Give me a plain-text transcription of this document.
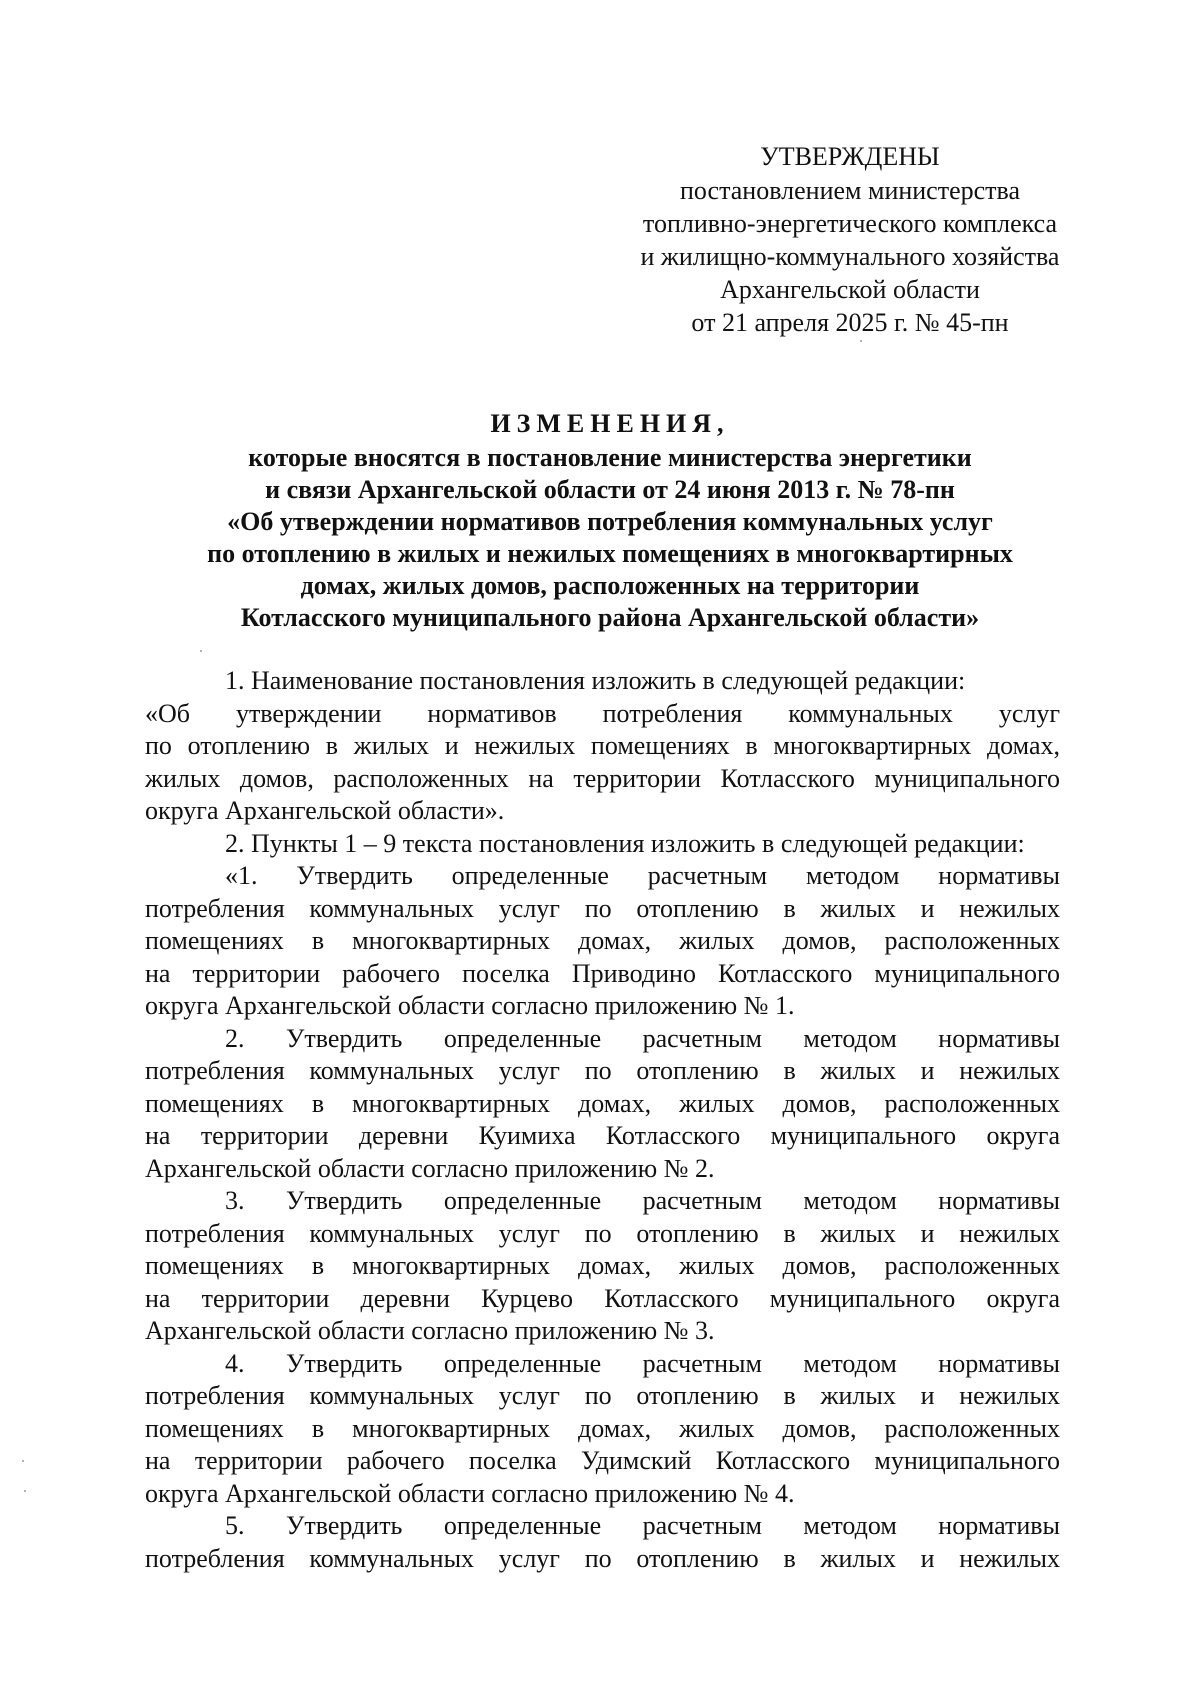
УТВЕРЖДЕНЫ
постановлением министерства
топливно-энергетического комплекса
и жилищно-коммунального хозяйства
Архангельской области
от 21 апреля 2025 г. № 45-пн
ИЗМЕНЕНИЯ,
которые вносятся в постановление министерства энергетики
и связи Архангельской области от 24 июня 2013 г. № 78-пн
«Об утверждении нормативов потребления коммунальных услуг
по отоплению в жилых и нежилых помещениях в многоквартирных
домах, жилых домов, расположенных на территории
Котласского муниципального района Архангельской области»
1. Наименование постановления изложить в следующей редакции:
«Об утверждении нормативов потребления коммунальных услуг
по отоплению в жилых и нежилых помещениях в многоквартирных домах,
жилых домов, расположенных на территории Котласского муниципального
округа Архангельской области».
2. Пункты 1 – 9 текста постановления изложить в следующей редакции:
«1. Утвердить определенные расчетным методом нормативы
потребления коммунальных услуг по отоплению в жилых и нежилых
помещениях в многоквартирных домах, жилых домов, расположенных
на территории рабочего поселка Приводино Котласского муниципального
округа Архангельской области согласно приложению № 1.
2. Утвердить определенные расчетным методом нормативы
потребления коммунальных услуг по отоплению в жилых и нежилых
помещениях в многоквартирных домах, жилых домов, расположенных
на территории деревни Куимиха Котласского муниципального округа
Архангельской области согласно приложению № 2.
3. Утвердить определенные расчетным методом нормативы
потребления коммунальных услуг по отоплению в жилых и нежилых
помещениях в многоквартирных домах, жилых домов, расположенных
на территории деревни Курцево Котласского муниципального округа
Архангельской области согласно приложению № 3.
4. Утвердить определенные расчетным методом нормативы
потребления коммунальных услуг по отоплению в жилых и нежилых
помещениях в многоквартирных домах, жилых домов, расположенных
на территории рабочего поселка Удимский Котласского муниципального
округа Архангельской области согласно приложению № 4.
5. Утвердить определенные расчетным методом нормативы
потребления коммунальных услуг по отоплению в жилых и нежилых
